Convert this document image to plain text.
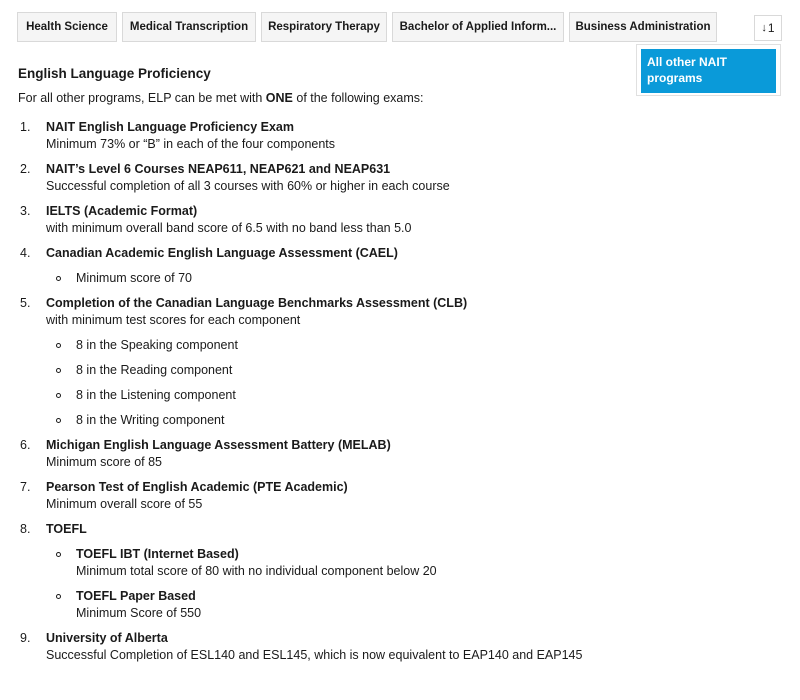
Health Science	Medical Transcription	Respiratory Therapy	Bachelor of Applied Inform...	Business Administration	↓ 1
All other NAIT programs
English Language Proficiency

For all other programs, ELP can be met with ONE of the following exams:

1. NAIT English Language Proficiency Exam
Minimum 73% or “B” in each of the four components
2. NAIT’s Level 6 Courses NEAP611, NEAP621 and NEAP631
Successful completion of all 3 courses with 60% or higher in each course
3. IELTS (Academic Format)
with minimum overall band score of 6.5 with no band less than 5.0
4. Canadian Academic English Language Assessment (CAEL)
Minimum score of 70
5. Completion of the Canadian Language Benchmarks Assessment (CLB)
with minimum test scores for each component
8 in the Speaking component
8 in the Reading component
8 in the Listening component
8 in the Writing component
6. Michigan English Language Assessment Battery (MELAB)
Minimum score of 85
7. Pearson Test of English Academic (PTE Academic)
Minimum overall score of 55
8. TOEFL
TOEFL IBT (Internet Based)
Minimum total score of 80 with no individual component below 20
TOEFL Paper Based
Minimum Score of 550
9. University of Alberta
Successful Completion of ESL140 and ESL145, which is now equivalent to EAP140 and EAP145
